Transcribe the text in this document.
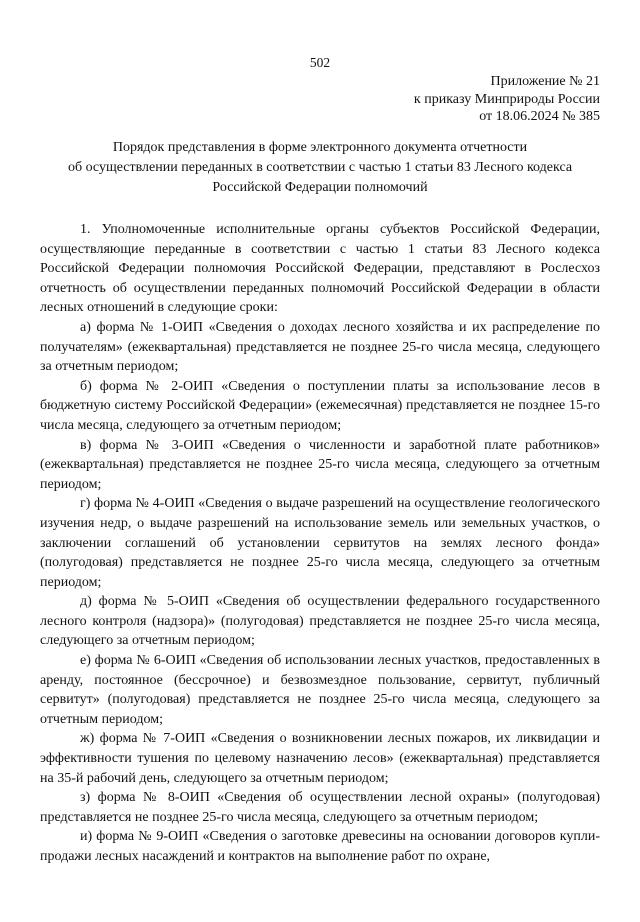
502
Приложение № 21
к приказу Минприроды России
от 18.06.2024 № 385
Порядок представления в форме электронного документа отчетности
об осуществлении переданных в соответствии с частью 1 статьи 83 Лесного кодекса
Российской Федерации полномочий

1. Уполномоченные исполнительные органы субъектов Российской Федерации, осуществляющие переданные в соответствии с частью 1 статьи 83 Лесного кодекса Российской Федерации полномочия Российской Федерации, представляют в Рослесхоз отчетность об осуществлении переданных полномочий Российской Федерации в области лесных отношений в следующие сроки:

а) форма № 1-ОИП «Сведения о доходах лесного хозяйства и их распределение по получателям» (ежеквартальная) представляется не позднее 25-го числа месяца, следующего за отчетным периодом;

б) форма № 2-ОИП «Сведения о поступлении платы за использование лесов в бюджетную систему Российской Федерации» (ежемесячная) представляется не позднее 15-го числа месяца, следующего за отчетным периодом;

в) форма № 3-ОИП «Сведения о численности и заработной плате работников» (ежеквартальная) представляется не позднее 25-го числа месяца, следующего за отчетным периодом;

г) форма № 4-ОИП «Сведения о выдаче разрешений на осуществление геологического изучения недр, о выдаче разрешений на использование земель или земельных участков, о заключении соглашений об установлении сервитутов на землях лесного фонда» (полугодовая) представляется не позднее 25-го числа месяца, следующего за отчетным периодом;

д) форма № 5-ОИП «Сведения об осуществлении федерального государственного лесного контроля (надзора)» (полугодовая) представляется не позднее 25-го числа месяца, следующего за отчетным периодом;

е) форма № 6-ОИП «Сведения об использовании лесных участков, предоставленных в аренду, постоянное (бессрочное) и безвозмездное пользование, сервитут, публичный сервитут» (полугодовая) представляется не позднее 25-го числа месяца, следующего за отчетным периодом;

ж) форма № 7-ОИП «Сведения о возникновении лесных пожаров, их ликвидации и эффективности тушения по целевому назначению лесов» (ежеквартальная) представляется на 35-й рабочий день, следующего за отчетным периодом;

з) форма № 8-ОИП «Сведения об осуществлении лесной охраны» (полугодовая) представляется не позднее 25-го числа месяца, следующего за отчетным периодом;

и) форма № 9-ОИП «Сведения о заготовке древесины на основании договоров купли-продажи лесных насаждений и контрактов на выполнение работ по охране,
